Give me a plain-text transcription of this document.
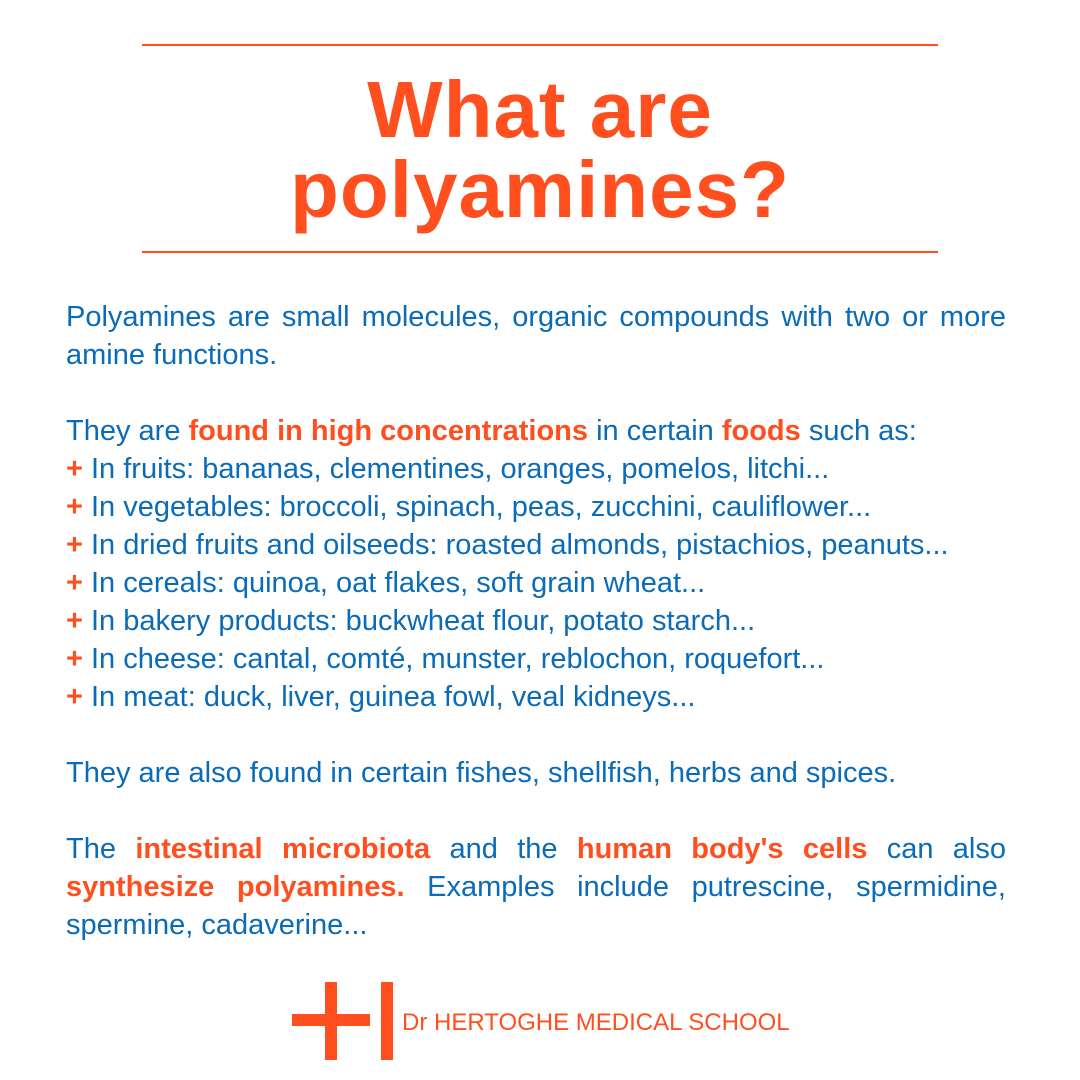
What are
polyamines?

Polyamines are small molecules, organic compounds with two or more amine functions.

They are found in high concentrations in certain foods such as:
+ In fruits: bananas, clementines, oranges, pomelos, litchi...
+ In vegetables: broccoli, spinach, peas, zucchini, cauliflower...
+ In dried fruits and oilseeds: roasted almonds, pistachios, peanuts...
+ In cereals: quinoa, oat flakes, soft grain wheat...
+ In bakery products: buckwheat flour, potato starch...
+ In cheese: cantal, comté, munster, reblochon, roquefort...
+ In meat: duck, liver, guinea fowl, veal kidneys...

They are also found in certain fishes, shellfish, herbs and spices.

The intestinal microbiota and the human body's cells can also synthesize polyamines. Examples include putrescine, spermidine, spermine, cadaverine...

Dr HERTOGHE MEDICAL SCHOOL
